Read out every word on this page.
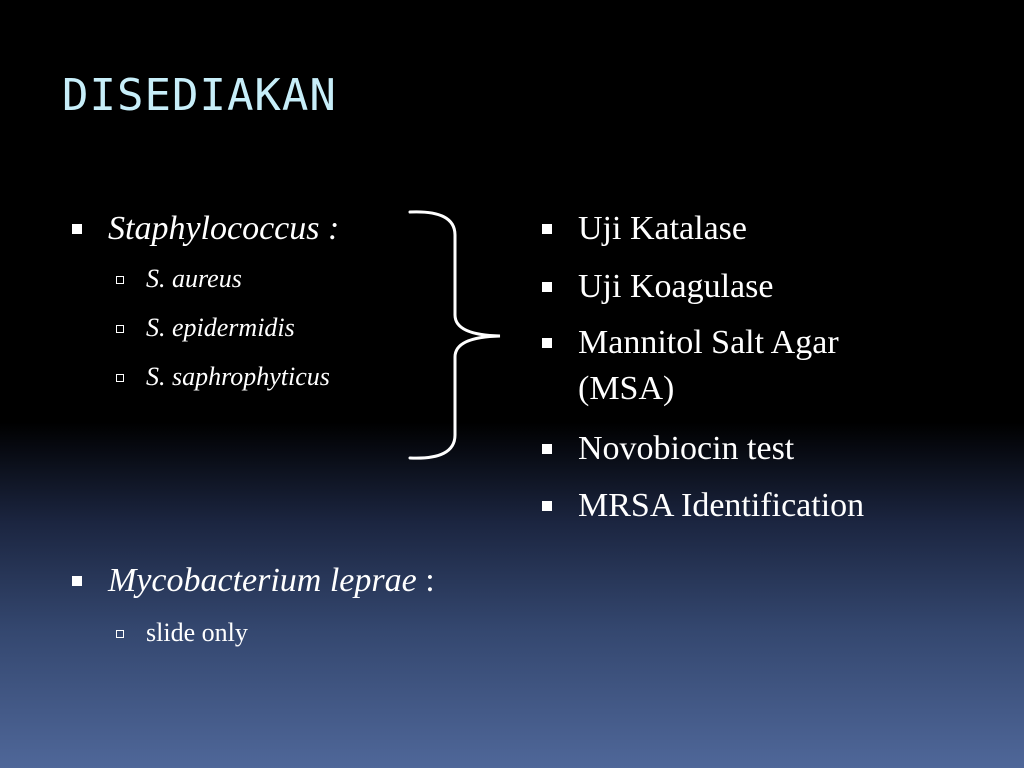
DISEDIAKAN
Staphylococcus :
S. aureus
S. epidermidis
S. saphrophyticus
Mycobacterium leprae :
slide only
Uji Katalase
Uji Koagulase
Mannitol Salt Agar (MSA)
Novobiocin test
MRSA Identification
